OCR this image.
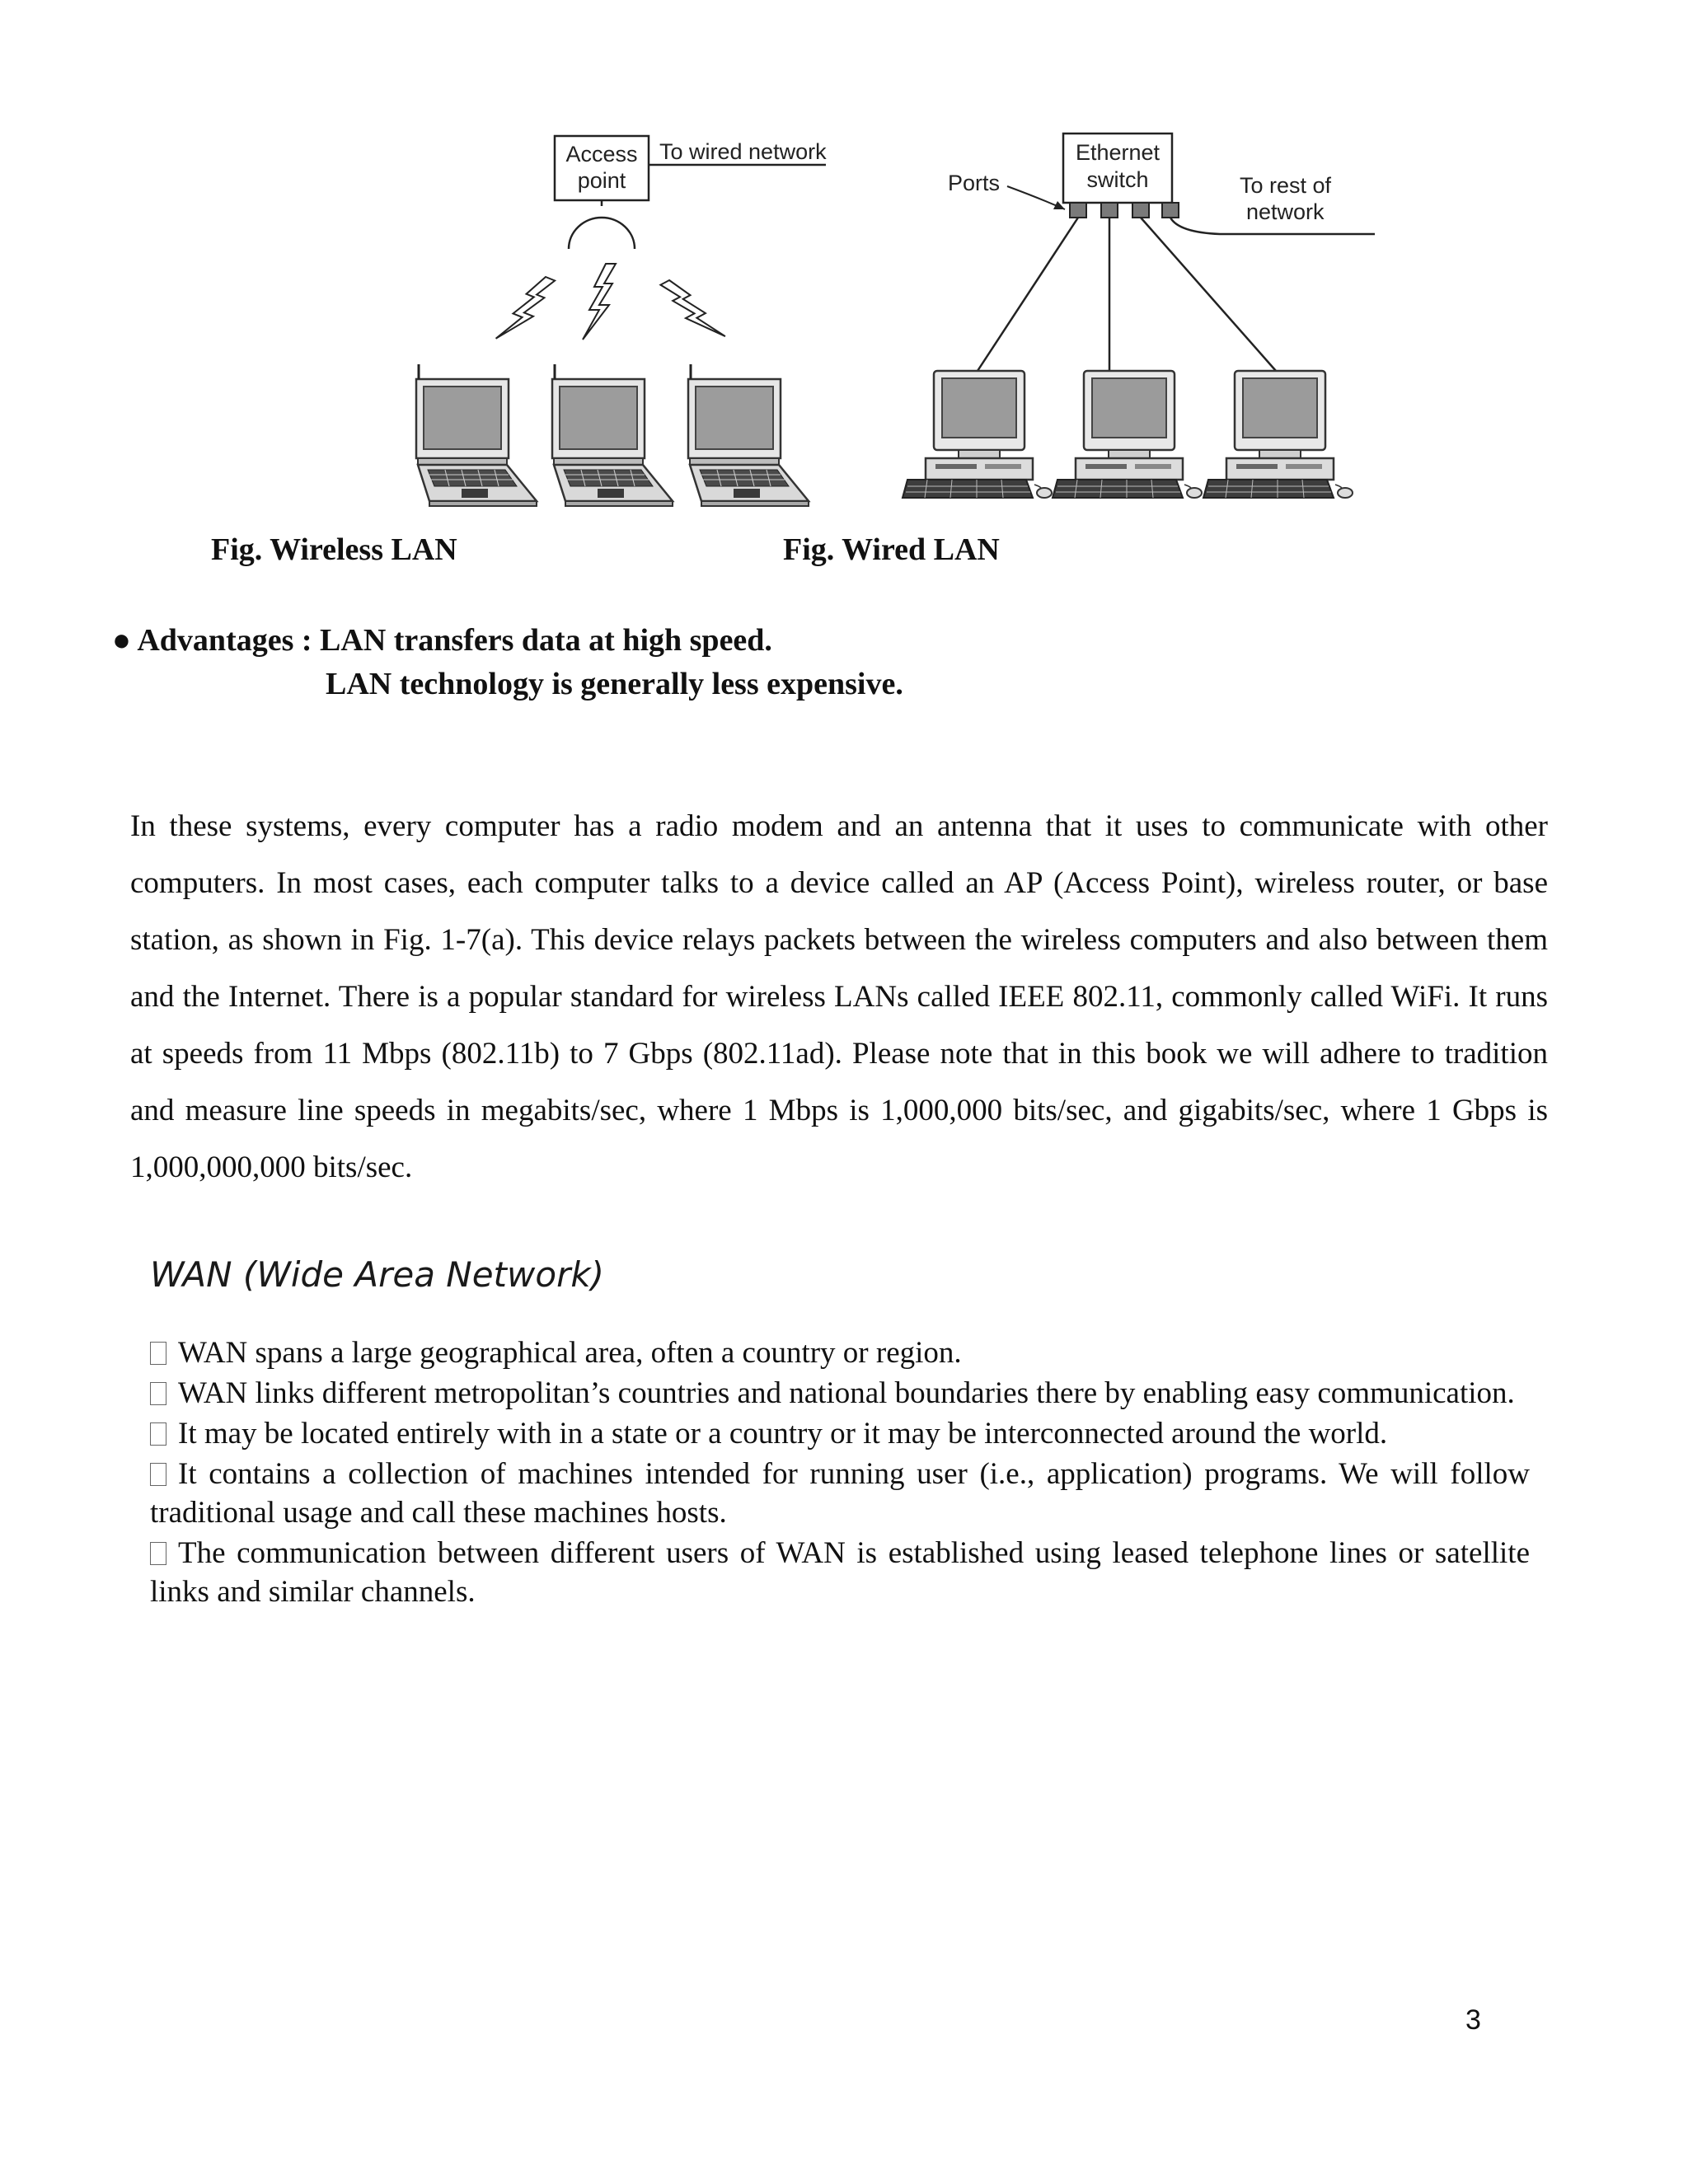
Access
point
To wired network	Ethernet
switch
Ports	To rest of
network
Fig. Wireless LAN	Fig. Wired LAN
● Advantages : LAN transfers data at high speed.
LAN technology is generally less expensive.
In these systems, every computer has a radio modem and an antenna that it uses to communicate with other computers. In most cases, each computer talks to a device called an AP (Access Point), wireless router, or base station, as shown in Fig. 1-7(a). This device relays packets between the wireless computers and also between them and the Internet. There is a popular standard for wireless LANs called IEEE 802.11, commonly called WiFi. It runs at speeds from 11 Mbps (802.11b) to 7 Gbps (802.11ad). Please note that in this book we will adhere to tradition and measure line speeds in megabits/sec, where 1 Mbps is 1,000,000 bits/sec, and gigabits/sec, where 1 Gbps is 1,000,000,000 bits/sec.
WAN (Wide Area Network)
WAN spans a large geographical area, often a country or region.
WAN links different metropolitan’s countries and national boundaries there by enabling easy communication.
It may be located entirely with in a state or a country or it may be interconnected around the world.
It contains a collection of machines intended for running user (i.e., application) programs. We will follow traditional usage and call these machines hosts.
The communication between different users of WAN is established using leased telephone lines or satellite links and similar channels.
3
